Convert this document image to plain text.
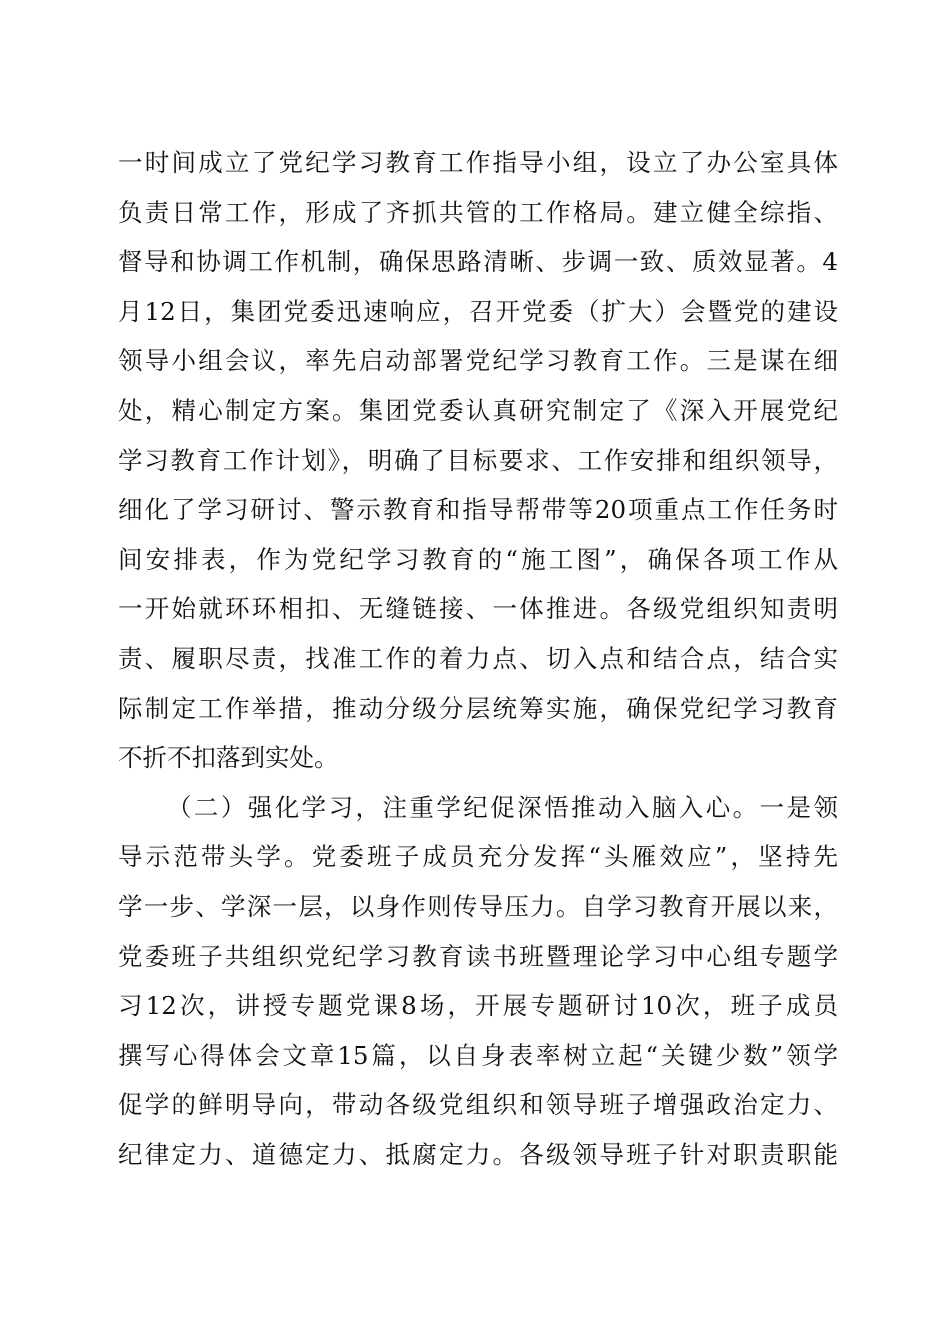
一时间成立了党纪学习教育工作指导小组，设立了办公室具体
负责日常工作，形成了齐抓共管的工作格局。建立健全综指、
督导和协调工作机制，确保思路清晰、步调一致、质效显著。4
月12日，集团党委迅速响应，召开党委（扩大）会暨党的建设
领导小组会议，率先启动部署党纪学习教育工作。三是谋在细
处，精心制定方案。集团党委认真研究制定了《深入开展党纪
学习教育工作计划》，明确了目标要求、工作安排和组织领导，
细化了学习研讨、警示教育和指导帮带等20项重点工作任务时
间安排表，作为党纪学习教育的“施工图”，确保各项工作从
一开始就环环相扣、无缝链接、一体推进。各级党组织知责明
责、履职尽责，找准工作的着力点、切入点和结合点，结合实
际制定工作举措，推动分级分层统筹实施，确保党纪学习教育
不折不扣落到实处。
（二）强化学习，注重学纪促深悟推动入脑入心。一是领
导示范带头学。党委班子成员充分发挥“头雁效应”，坚持先
学一步、学深一层，以身作则传导压力。自学习教育开展以来，
党委班子共组织党纪学习教育读书班暨理论学习中心组专题学
习12次，讲授专题党课8场，开展专题研讨10次，班子成员
撰写心得体会文章15篇，以自身表率树立起“关键少数”领学
促学的鲜明导向，带动各级党组织和领导班子增强政治定力、
纪律定力、道德定力、抵腐定力。各级领导班子针对职责职能
